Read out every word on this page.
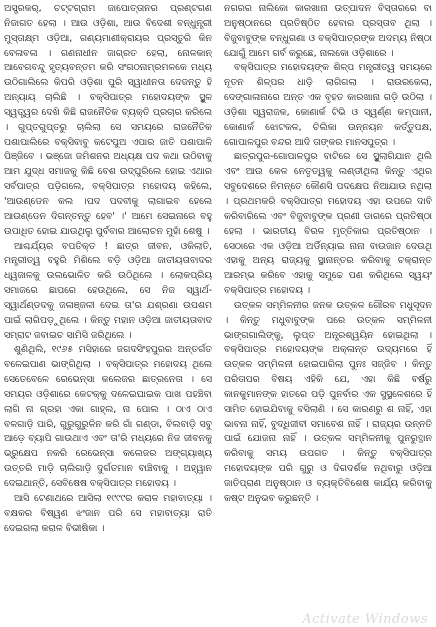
ଅସ୍ତ୍ରକର୍, ଚଟ୍ଟଗ୍ରାମ ଜାପୋତ୍ତାନର ପ୍ରଣ୍ଟଗଣ ନିଜାଗତ ହେଲା । ଆଉ ଓଡ଼ିଶା, ଆଉ ବିଦେଶୀ ବନ୍ଧୁନ୍ତ୍ରୀ ମୁସ୍ତାକ୍ଷ୍ମ ଓଡ଼ିଆ, ଗଣ୍ୟମାଣୀକ୍ରାୟର ପ୍ରସ୍ତୁରି କିନ ବେଳାବଳା । ଗଣନାଧୀନ ଜାଗ୍ରତ ହେଲା, ନୋଳକାନ୍ ଆବେଗବନ୍ଦୁ ହୃତ୍ୟବନ୍ତମ କରି ସଂଗଠନାମ୍ରମଳକେ ମଧ୍ୟ ଉଠିଗାଲିଲେ କିପରି ଓଡ଼ିଶା ପୁରି ସ୍ୱାଧୀନତା ଦେଜନ୍ତୁ ହି ଅନ୍ୟାୟ ଚାଲିଛି । ବକ୍ସିପାତ୍ର ମହୋଦୟଙ୍କ ସ୍ଥୁଳ ସ୍ୱତ୍ତ୍ୱର ଦେଖି କିଛି ରାଜନୈତିକ ବ୍ୟକ୍ତି ପ୍ରଚାର କରିଲେ । ଗୁପ୍ତଗୁପ୍ତରୁ ଚାଲିଲା ସେ ସମୟରେ ରାଜନୈତିକ ପଶାପାଲିରେ ବକ୍ସିବାବୁ କଟେପୁଅ ଏପାର ଜାତି ପଶାପାଳି ପିଞ୍ଜିବେ । ଭଞ୍ଜୋ ଜମିଶନର ଅଧ୍ୟକ୍ଷ ପଦ କଥା ଉଠିବାକୁ ଆମ ଯୁଦ୍ଧ ସମାଜକୁ କିଛି ବେଶ ଉଦ୍‌ଘୁରିଲେ ହୋଇ ଏଥାର ସର୍ବପାତ୍ର ପଡ଼ିଗଲେ, ବକ୍ସିପାତ୍ର ମହୋଦୟ କହିଲେ, 'ଆଉଣ୍ଡେନ କଲ ।ପଦ ପଦବୀକୁ ଲାଗାଇବ ହେଲେ ଆଉଣ୍ଡେନ ଦିଗନ୍ତନ୍ତୁ ହେବ' ।' ଆମେ ସେଇନାରେ ବହୁ ଉପାଧିତ ହୋଇ ଯାଉଥିଲୁ ପୁର୍ବବାର ଆଲୋଚନ ମୁହାଁ ଶେଷୁ ।

ଆଶ୍ଚର୍ଯ୍ୟର ବପତିକ୍ତ ! ଛାତ୍ର ଜୀବନ, ଓକିଲାତି, ମନ୍ତ୍ରୀତ୍ୱ ବହୁରି ମିଶିଲେ ବଡ଼ି ଓଡ଼ିଆ ଜାତୀୟତାବାଦର ଧ୍ୱଜାଳକୁ ଉଲଭୋଳିତ କରି ଉଠିଥିଲେ । ଲୋକପ୍ରିୟ ସମାଜରେ ଛାପରେ ହେଉଥିଲେ, ସେ ନିଜ ସ୍ୱାର୍ଥ- ସ୍ୱାର୍ଥଣ୍ଡଦକୁ ଜଳାଞ୍ଜଳୀ ଦେଇ ତା'ର ଯଶ୍ରଣା ଉପଶମ ପାଇଁ ଲାଗିପଡ଼ୁଥିଲେ । କିନ୍ତୁ ମହାନ ଓଡ଼ିଆ ଜାତୀୟତାବାଦ ସମ୍ରାଟ ଜବାଇଚ ସାମିସି ଜରିଥିଲେ ।

ଶୁଣିଥିଲି, ୧୯୬୫ ମସିହାରେ ଜଗଦସିଂହପୁରର ଅନ୍ତର୍ଗତ ବଳେଇପାଣ ଭାଙ୍ଗିଥିଲା । ବକ୍ସିପାତ୍ର ମହୋଦୟ ଥିଲେ ସେତେବେଳେ ରେଭେନ୍ସା କଲେଜର ଛାତ୍ରନେତା । ସେ ସମୟର ଓଡ଼ିଶାରେ କେଟକ୍କୁ ଦଳେଇଘାଇକ ପାଖ ପହଞ୍ଚିବା ଲାଗି ନା ଗ୍ରହା ଏକା ଗାହ୍ଲ, ନା ପୋଲ । ଠାଏ ଠାଏ ବଳଗାଡ଼ି ପାରି, ଗୁରୁଗୁରୁଳିନ କରି ଗାଁ ଗଣ୍ଡା, ବିଲବାଡ଼ି ସବୁ ଆଡ଼େ ବ୍ୟାପି ଗାଉଥାଏ ଏବଂ ତା'ରି ମଧ୍ୟରେ ନିଜ ଜୀବନକୁ ଭ୍ରୁକ୍ଷେପ ନକରି ରେଭେନ୍ସା କଲେଜର ଅଙ୍ଗ୍ୟାଖ୍ୟ ଉତ୍ତରି ମାଡ଼ି ଚାଲିଗାଡ଼ି ଦୁର୍ଗତମାନ ବାଞ୍ଚିବାକୁ । ଅହ୍ୱାନ ଦେଇଥାନ୍ତି, ସେବିଷେଷ ବକ୍ସିପାତ୍ର ମହୋଦୟ ।

ଆସି ଟେଣାଥରେ ଆସିଲା ୧୯୯୯ର କରାଳ ମହାବାତ୍ୟା । ବକ୍ଷକର ବିଷ୍ୱଣ ଝଂଜାନ ପରି ସେ ମହାବାତ୍ୟା ରାତି ଦେଇଗଲା କରାଳ ବିଭୀଷିକା ।

ନଗରର ନାଲିକୋ କାରଖାନା ଉତ୍ପାଦନ ବିସ୍ତାରରେ ବା ଅନୁଷ୍ଠାନରେ ପ୍ରତିଷ୍ଠିତ ହେବାର ପ୍ରସ୍ତାବ ଥିଲା । ବିଜୁବାବୁଙ୍କ ବନ୍ଧୁଗଣା ଓ ବକ୍ସିପାତ୍ରଙ୍କ ଅଦମ୍ୟ ନିଷ୍ଠା ଯୋଗୁଁ ଆମେ ଗର୍ବ କରୁଛେ, ନାଲକୋ ଓଡ଼ିଶାରେ ।

ବକ୍ସିପାତ୍ର ମହୋଦୟଙ୍କ ଶିଳ୍ପ ମନ୍ତ୍ରୀତ୍ୱ ସମୟରେ ନୂତନ ଶିଳ୍ପର ଧାଡ଼ି ଲାଗିଗଲା । ରାଉରକେଲା, ଦେଙ୍ଗାଳାନାରେ ଅନ୍ତ ଏକ ବୃହତ କାରଖାନା ଗଡ଼ି ଉଠିଲା । ଓଡ଼ିଶା ସ୍ୱରାଜକ, କୋଣାର୍କ ଟିଭି ଓ ସ୍ୱର୍ଣ୍ଣ କମ୍ପାନୀ, କୋଣାର୍କ ଝୋଟକଳ, ଚିଲିକା ଉନ୍ନୟନ କର୍ତ୍ତୁପକ୍ଷ, ଗୋପାଳପୁର ବନ୍ଦର ଆଦି ତାଙ୍କର ମାନସପୁତ୍ର ।

ଛାତ୍ରପୁର-ଗୋପାଳପୁର ବାଟିରେ ସେ ସ୍ଥୁଲାଗିଯାନ ଥିଲି ଏବଂ ଆଉ କେଳ ନେତୃତ୍ୱକୁ ଲଣ୍ଡୀଥିଲା କିନ୍ତୁ ଏଥିର ସବୁଦେଶରେ ନିମନ୍ତେ କୌଣସି ପଦକ୍ଷେପ ନିଆଯାଉ ନଥିଲା । ପ୍ରଥମକରି ବକ୍ସିପାତ୍ର ମହୋଦୟ ଏହା ଉପରେ ଦାବି କରିବାରିଲେ ଏବଂ ବିଜୁବାବୁଙ୍କ ପ୍ରଣୀ ଡାଗରେ ପ୍ରତିଷ୍ଠା ହେଲା । ଭାରତୀୟ ବିରଳ ମୃତ୍ତିକାର ପ୍ରତିଷ୍ଠାନ । ସେଠାରେ ଏକ ଓଡ଼ିଆ ଅର୍ଡିନ୍ୟାଇ ନାନା ବାଉଜାନ ଦେଉଥି ଏହାକୁ ଅନ୍ୟ ରାଜ୍ୟକୁ ସ୍ଥାନାନ୍ତର କରିବାକୁ ଚକ୍ରାନ୍ତ ଆରମ୍ଭ କରିବେ ଏହାକୁ ସମୁଚ୍ଚେ ପଣ କରିଥିଲେ ସ୍ୱୟଂ ବକ୍ସିପାତ୍ର ମହୋଦୟ ।

ଉତ୍କଳ ସମ୍ମିଳନୀର ଜନକ ଉତ୍କଳ ଗୌରବ ମଧୁସୂଦନ । କିନ୍ତୁ ମଧୁବାବୁଙ୍କ ପରେ ଉତ୍କଳ ସମ୍ମିଳନୀ ଭାଙ୍ଗଗାଲିଙ୍କୁ, ଲୁପ୍ତ ଅନ୍ତ୍ରଶ୍ୱୟିନ ହୋଇଥିଲା । ବକ୍ସିପାତ୍ର ମହୋଦୟଙ୍କ ଅକ୍ଳାନ୍ତ ଉଦ୍ୟମରେ ହିଁ ଉତ୍କଳ ସମ୍ମିଳନୀ ହୋଇପାରିଲା ପୁନଃ ସଜ୍ଜିବ । କିନ୍ତୁ ପରିତାପର ବିଷୟ ଏହିକି ଯେ, ଏହା କିଛି ବର୍ଷରୁ କାନକୁମାନଙ୍କ ହାତରେ ପଡ଼ି ପୁନର୍ବାର ଏକ ସୁସ୍ଥଳେଶରେ ହିଁ ସାମିତ ହୋଇଯିବାକୁ ବସିଲାଣି । ସେ କାରଣରୁ ଶ ନାହିଁ, ଏହା ଭାବନା ନାହିଁ, ବୁଦ୍ଧିଜୀବୀ ସମାବେଶ ନାହିଁ । ରାଜ୍ୟର ଉନ୍ନତି ପାଇଁ ଯୋଜନା ନାହିଁ । ଉତ୍କଳ ସମ୍ମିଳନୀକୁ ପୁନରୁତ୍ଥାନ କରିବାକୁ ସମୟ ଉପଗତ । କିନ୍ତୁ ବକ୍ସିପାତ୍ର ମହୋଦୟଙ୍କ ପରି ଗୁରୁ ଓ ଦିଗଦର୍ଶକ ନଥିବାରୁ ଓଡ଼ିଆ ଜାତିପ୍ରାଣ ଅନୁଷ୍ଠାନ ଓ ବ୍ୟକ୍ତିବିଶେଷ କାର୍ଯ୍ୟ କରିବାକୁ କଷ୍ଟ ଅନୁଭବ କରୁଛନ୍ତି ।

Activate Windows
